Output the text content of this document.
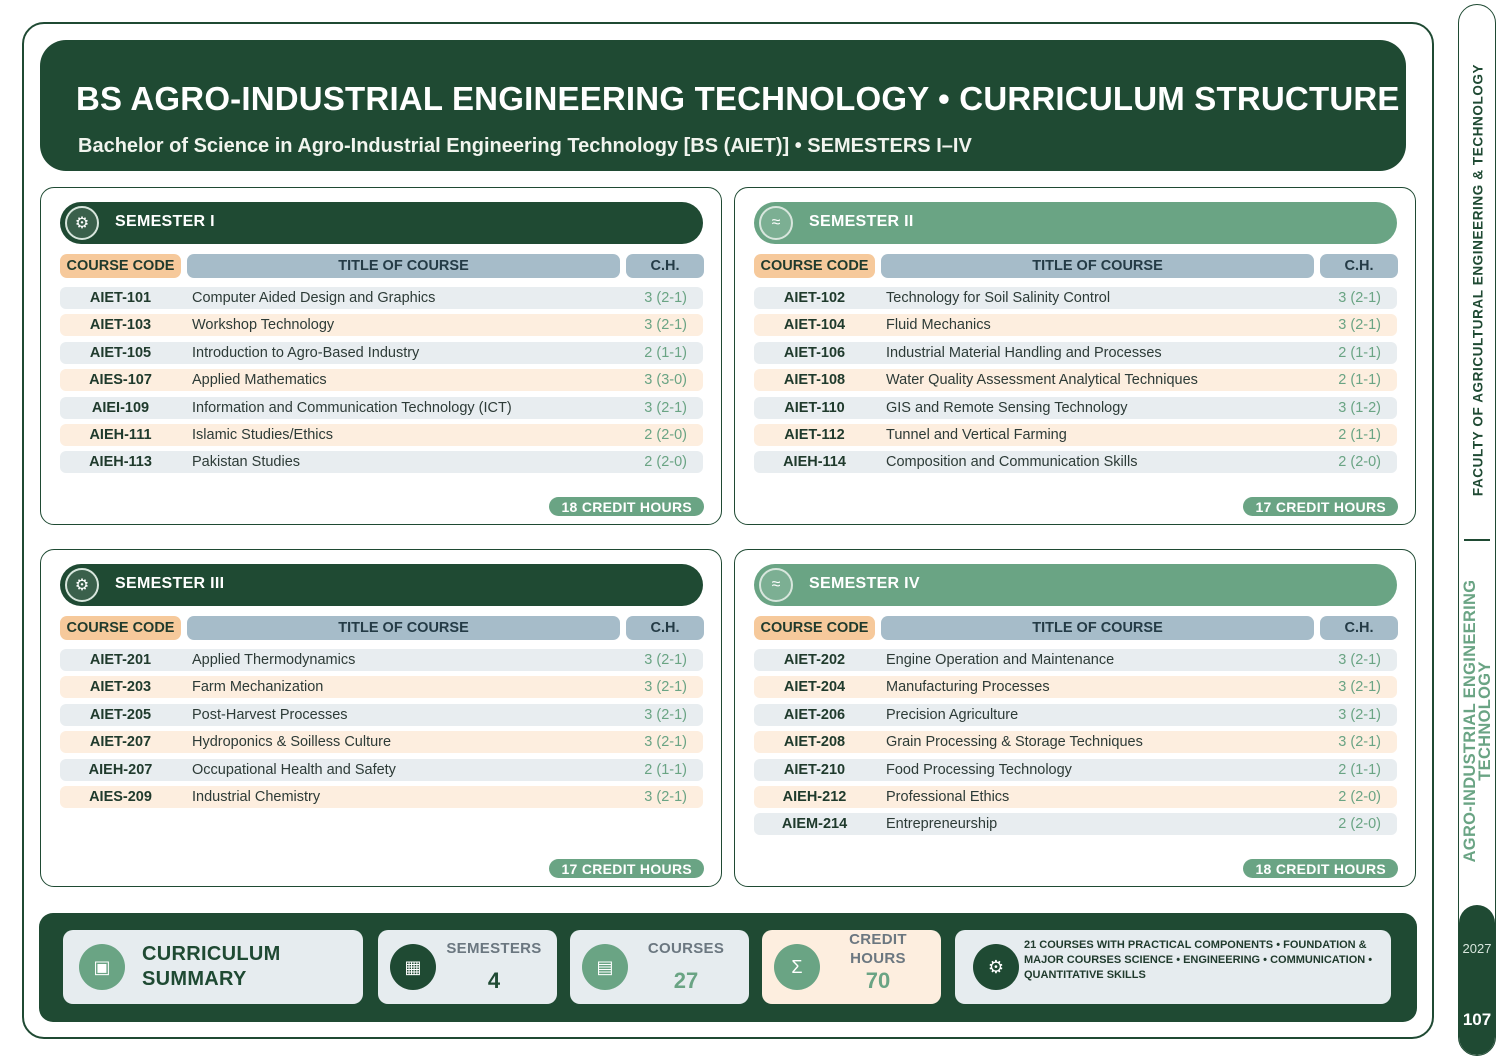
BS AGRO-INDUSTRIAL ENGINEERING TECHNOLOGY • CURRICULUM STRUCTURE
Bachelor of Science in Agro-Industrial Engineering Technology [BS (AIET)] • SEMESTERS I–IV
⚙	SEMESTER I
COURSE CODE	TITLE OF COURSE	C.H.
AIET-101	Computer Aided Design and Graphics	3 (2-1)
AIET-103	Workshop Technology	3 (2-1)
AIET-105	Introduction to Agro-Based Industry	2 (1-1)
AIES-107	Applied Mathematics	3 (3-0)
AIEI-109	Information and Communication Technology (ICT)	3 (2-1)
AIEH-111	Islamic Studies/Ethics	2 (2-0)
AIEH-113	Pakistan Studies	2 (2-0)
18 CREDIT HOURS
≈	SEMESTER II
COURSE CODE	TITLE OF COURSE	C.H.
AIET-102	Technology for Soil Salinity Control	3 (2-1)
AIET-104	Fluid Mechanics	3 (2-1)
AIET-106	Industrial Material Handling and Processes	2 (1-1)
AIET-108	Water Quality Assessment Analytical Techniques	2 (1-1)
AIET-110	GIS and Remote Sensing Technology	3 (1-2)
AIET-112	Tunnel and Vertical Farming	2 (1-1)
AIEH-114	Composition and Communication Skills	2 (2-0)
17 CREDIT HOURS
⚙	SEMESTER III
COURSE CODE	TITLE OF COURSE	C.H.
AIET-201	Applied Thermodynamics	3 (2-1)
AIET-203	Farm Mechanization	3 (2-1)
AIET-205	Post-Harvest Processes	3 (2-1)
AIET-207	Hydroponics & Soilless Culture	3 (2-1)
AIEH-207	Occupational Health and Safety	2 (1-1)
AIES-209	Industrial Chemistry	3 (2-1)
17 CREDIT HOURS
≈	SEMESTER IV
COURSE CODE	TITLE OF COURSE	C.H.
AIET-202	Engine Operation and Maintenance	3 (2-1)
AIET-204	Manufacturing Processes	3 (2-1)
AIET-206	Precision Agriculture	3 (2-1)
AIET-208	Grain Processing & Storage Techniques	3 (2-1)
AIET-210	Food Processing Technology	2 (1-1)
AIEH-212	Professional Ethics	2 (2-0)
AIEM-214	Entrepreneurship	2 (2-0)
18 CREDIT HOURS
▣
CURRICULUM
SUMMARY
▦
SEMESTERS
4
▤
COURSES
27
Σ
CREDIT
HOURS
70
⚙
21 COURSES WITH PRACTICAL COMPONENTS • FOUNDATION & MAJOR COURSES SCIENCE • ENGINEERING • COMMUNICATION • QUANTITATIVE SKILLS
FACULTY OF AGRICULTURAL ENGINEERING & TECHNOLOGY
AGRO-INDUSTRIAL ENGINEERING
TECHNOLOGY
2027
107
